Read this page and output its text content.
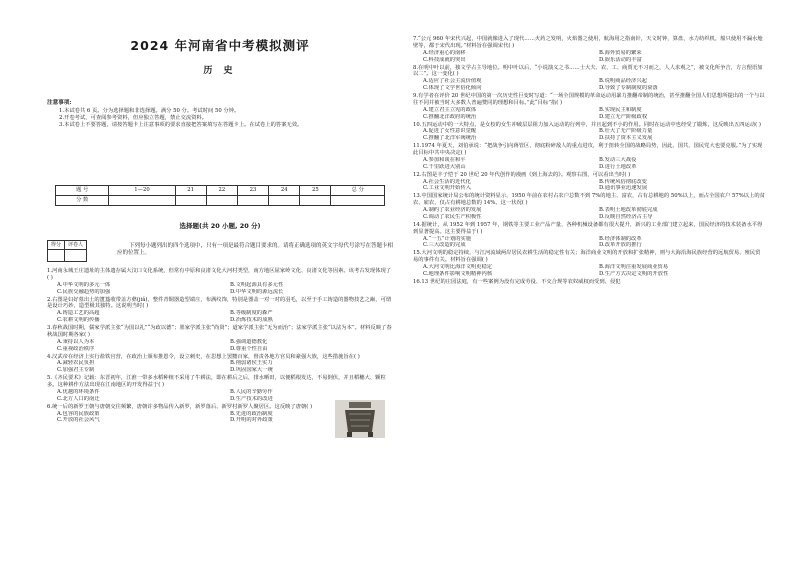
2024 年河南省中考模拟测评
历 史
注意事项:
1.本试卷共 6 页。分为选择题和非选择题。满分 50 分。考试时间 50 分钟。
2.开卷考试，可查阅参考资料，但应独立答题，禁止交流资料。
3.本试卷上不要答题，请按答题卡上注意事项的要求直接把答案填写在答题卡上。在试卷上的答案无效。
题 号	1—20	21	22	23	24	25	总 分
分 数							
选择题(共 20 小题, 20 分)
得分	评卷人
		下列每小题列出的四个选项中，只有一项是最符合题目要求的。请将正确选项的英文字母代号涂写在答题卡相应的位置上。
1.河南永城王庄遗址的主体遗存属大汶口文化系统，但常有中原和良渚文化大河村类型，南方地区屈家岭文化、良渚文化等因素。该考古发现体现了( )
A.中华文明的多元一体	B.文明起源具有多元性
C.民族交融趋势的加强	D.中华文明的源远流长
2.右图是妇好墓出土的簠簋收带盖方彝(jiǎ)，整件青铜器造型端庄，布满纹饰，特别是器盖一对一对的羽毛，以至于手工铸造的器物技艺之巅，可谓是设计巧妙，造型极其独特。这说明当时( )
A.铸造工艺的高超	B.等级制度的森严
C.农耕文明的传播	D.冶炼技术的成熟
3.春秋战国时期，儒家学派主张“为国以礼”“为政以德”；墨家学派主张“尚贤”；道家学派主张“无为而治”；法家学派主张“以法为本”。材料反映了春秋战国时期各家( )
A.秉持以人为本	B.强调道德教化
C.重视政治秩序	D.尊重个性自由
4.汉武帝在经济上实行盐铁官营，在政治上颁布推恩令，设立刺史，在思想上罢黜百家，督责各地方官员和豪强大族，这些措施旨在( )
A.减轻农民负担	B.削弱诸侯王实力
C.加强君主专制	D.巩固国家大一统
5.《齐民要术》记载：东晋初年，江淮一带多水稻种植不采用了牛耕法，即在耕后之后，排水晒田，以便稻根发达，不易倒伏，并且稻穗大、颗粒多。这种耕作方法出现在江南地区的开发得益于( )
A.优越的环境条件	B.人民的辛勤劳作
C.北方人口的南迁	D.生产技术的改进
6.统一后的新罗王朝与唐朝交往频繁，唐朝许多物品传入新罗，新罗落后、新罗村新罗人聚居区。这反映了唐朝( )
A.包容的民族政策	B.先进的政治制度
C.开放的社会风气	D.开明的对外政策
7.“公元 960 年宋代兴起，中国就像进入了现代……火药之发明，火焰器之使用，航海用之指南针，天文时钟，算盘，水力纺织机，船只使用不漏水舱壁等，都于宋代出现。”材料旨在强调宋代( )
A.经济重心的南移	B.海外贸易的繁荣
C.科技成就的突出	D.娱乐活动的丰富
8.在明中叶以前，独文学占主导地位。明中叶以后，“小说演义之书……士大夫、农、工、商贾无不习而之，人人求观之”，被文化所争吉，方言俚语加以二”。这一变化( )
A.适应了社会主流价值观	B.说明商品经济兴起
C.体现了文学世俗化倾向	D.导致了专制制度的衰落
9.有学者在评价 20 世纪中国的第一次历史性巨变时写道：“一场全国规模的革命运动用暴力推翻帝制的统治，甚至推翻全国人们思想所提出的一个与以往不同并被当时大多数人普遍赞同的理想和目标。”此“目标”指( )
A.建立君主立宪的政体	B.实现民主和制度
C.推翻北洋政府的统治	D.建立无产阶级政权
10.五四运动中的一大特点，是女校的女生冲破层层阻力加入运动的行列中，并且起到不小的作用。同时在运动中也经受了锻炼，这反映出五四运动( )
A.促进了女性意识觉醒	B.壮大了无产阶级力量
C.推翻了北洋军阀统治	D.扶持了资本主义发展
11.1974 年夏天，刘伯承说：“把战争引向蒋管区，彻底粉碎敌人的重点进攻，利于扭转全国的战略局势，因此，国共，国民党大也要克服。”为了实现此目标中共中央决定( )
A.参加和谈在和平	B.发动三大战役
C.千里跃进大别山	D.进行土地改革
12.右图是丰子恺于 20 世纪 20 年代创作的漫画《到上海去的》。观察右图，可以看出当时( )
A.社会生活的近代化	B.传统风俗彻底改变
C.工业文明开始传入	D.通讯事业迅速发展
13.中国国家统计局公布的统计资料显示，1950 年前在农村占农户总数不到 7%的地主、富农，占有总耕地的 50%以上，而占全国农户 57%以上的贫农、雇农，仅占有耕地总数的 14%。这一状况( )
A.制约了农业经济的发展	B.表明土地改革彻底完成
C.调动了农民生产积极性	D.反映自然经济占主导
14.据统计，从 1952 年到 1957 年，钢铁等主要工业产品产量、各种机械设备都有很大提升，新兴的工业部门建立起来，国民经济的技术装备水平得到显著提高。这主要得益于( )
A.“一五”计划的实施	B.经济体制的改革
C.三大改造的完成	D.改革开放的推行
15.大河文明的稳定持续，与江河流域两岸居民农耕生活的稳定性有关；海洋商业文明的开放和扩张精神，则与大海沿海民族经营的远航贸易、殖民贸易的事件有关。材料旨在强调( )
A.大河文明比海洋文明更稳定	B.海洋文明注重发展商业贸易
C.地理条件影响文明精神内核	D.生产方式决定文明的开放性
16.13 世纪的庄园法庭，有一些案例为没有完成劳役、不交合规等农奴威权而受到、侵犯
